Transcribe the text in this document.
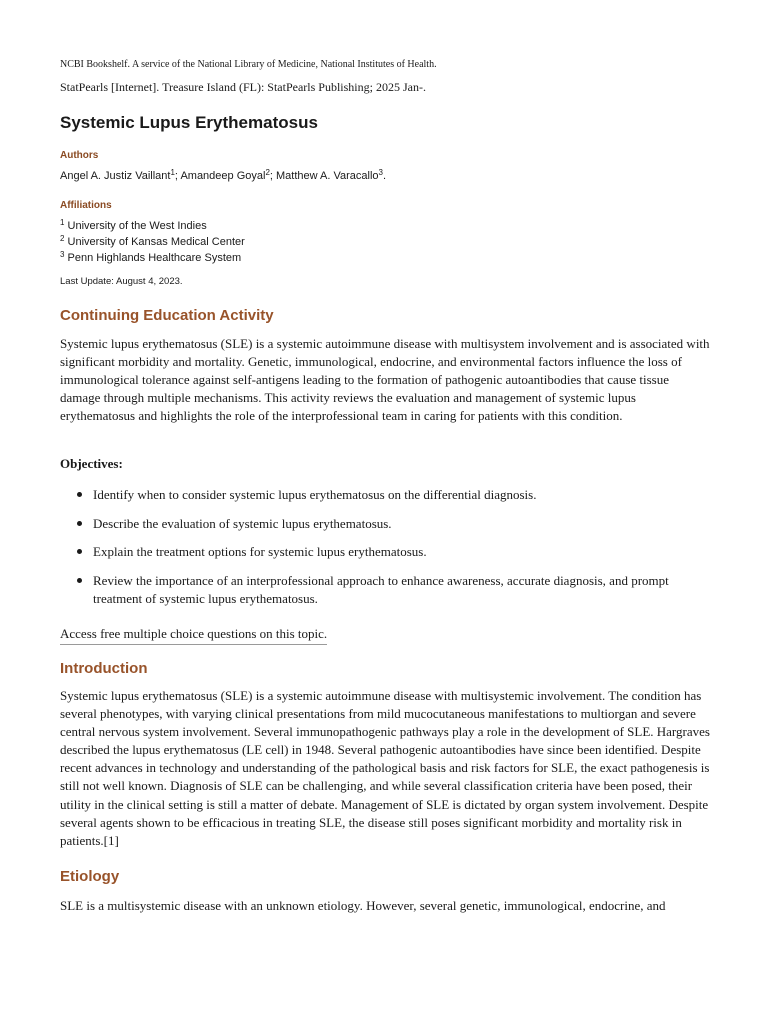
NCBI Bookshelf. A service of the National Library of Medicine, National Institutes of Health.
StatPearls [Internet]. Treasure Island (FL): StatPearls Publishing; 2025 Jan-.
Systemic Lupus Erythematosus
Authors
Angel A. Justiz Vaillant$^1$; Amandeep Goyal$^2$; Matthew A. Varacallo$^3$.
Affiliations
$^1$ University of the West Indies
$^2$ University of Kansas Medical Center
$^3$ Penn Highlands Healthcare System
Last Update: August 4, 2023.
Continuing Education Activity

Systemic lupus erythematosus (SLE) is a systemic autoimmune disease with multisystem involvement and is associated with significant morbidity and mortality. Genetic, immunological, endocrine, and environmental factors influence the loss of immunological tolerance against self-antigens leading to the formation of pathogenic autoantibodies that cause tissue damage through multiple mechanisms. This activity reviews the evaluation and management of systemic lupus erythematosus and highlights the role of the interprofessional team in caring for patients with this condition.

Objectives:
Identify when to consider systemic lupus erythematosus on the differential diagnosis.
Describe the evaluation of systemic lupus erythematosus.
Explain the treatment options for systemic lupus erythematosus.
Review the importance of an interprofessional approach to enhance awareness, accurate diagnosis, and prompt treatment of systemic lupus erythematosus.
Access free multiple choice questions on this topic.
Introduction

Systemic lupus erythematosus (SLE) is a systemic autoimmune disease with multisystemic involvement. The condition has several phenotypes, with varying clinical presentations from mild mucocutaneous manifestations to multiorgan and severe central nervous system involvement. Several immunopathogenic pathways play a role in the development of SLE. Hargraves described the lupus erythematosus (LE cell) in 1948. Several pathogenic autoantibodies have since been identified. Despite recent advances in technology and understanding of the pathological basis and risk factors for SLE, the exact pathogenesis is still not well known. Diagnosis of SLE can be challenging, and while several classification criteria have been posed, their utility in the clinical setting is still a matter of debate. Management of SLE is dictated by organ system involvement. Despite several agents shown to be efficacious in treating SLE, the disease still poses significant morbidity and mortality risk in patients.[1]

Etiology

SLE is a multisystemic disease with an unknown etiology. However, several genetic, immunological, endocrine, and
